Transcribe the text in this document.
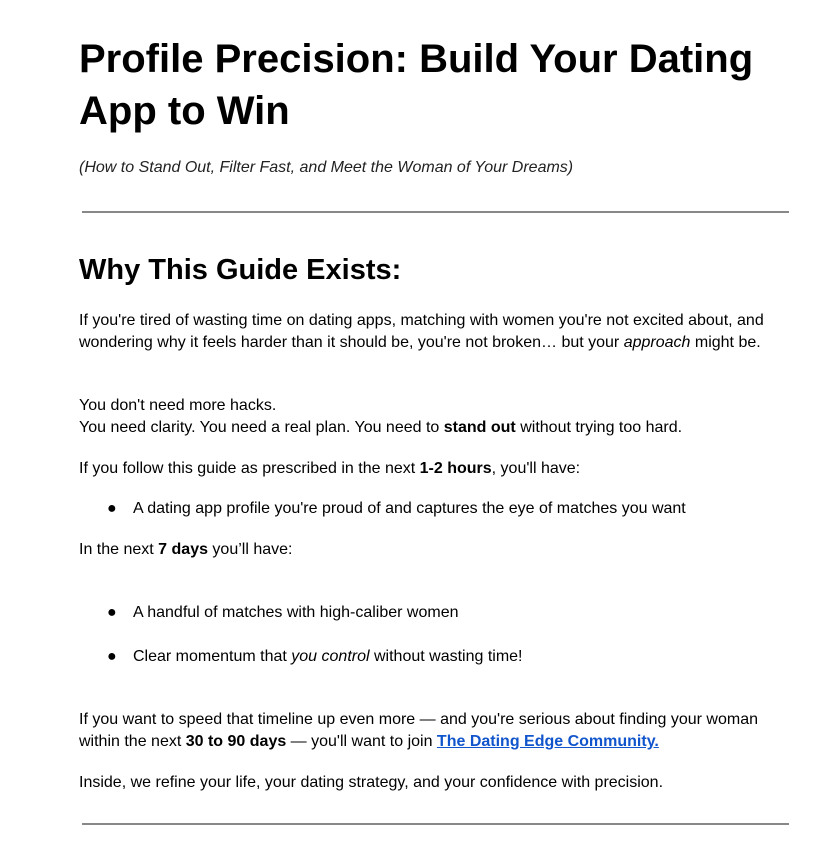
Profile Precision: Build Your Dating App to Win

(How to Stand Out, Filter Fast, and Meet the Woman of Your Dreams)

Why This Guide Exists:

If you're tired of wasting time on dating apps, matching with women you're not excited about, and wondering why it feels harder than it should be, you're not broken… but your approach might be.

You don't need more hacks.
You need clarity. You need a real plan. You need to stand out without trying too hard.

If you follow this guide as prescribed in the next 1-2 hours, you'll have:

● A dating app profile you're proud of and captures the eye of matches you want

In the next 7 days you’ll have:

● A handful of matches with high-caliber women
● Clear momentum that you control without wasting time!

If you want to speed that timeline up even more — and you're serious about finding your woman within the next 30 to 90 days — you'll want to join The Dating Edge Community.

Inside, we refine your life, your dating strategy, and your confidence with precision.
